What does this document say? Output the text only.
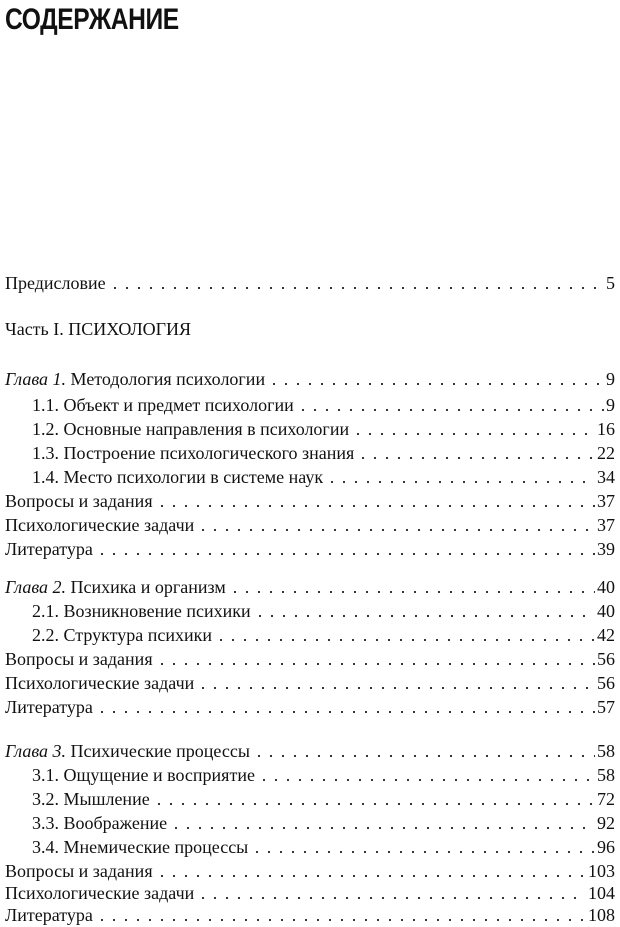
СОДЕРЖАНИЕ
Предисловие	5
Часть I. ПСИХОЛОГИЯ
Глава 1. Методология психологии	9
1.1. Объект и предмет психологии	9
1.2. Основные направления в психологии	16
1.3. Построение психологического знания	22
1.4. Место психологии в системе наук	34
Вопросы и задания	37
Психологические задачи	37
Литература	39
Глава 2. Психика и организм	40
2.1. Возникновение психики	40
2.2. Структура психики	42
Вопросы и задания	56
Психологические задачи	56
Литература	57
Глава 3. Психические процессы	58
3.1. Ощущение и восприятие	58
3.2. Мышление	72
3.3. Воображение	92
3.4. Мнемические процессы	96
Вопросы и задания	103
Психологические задачи	104
Литература	108
